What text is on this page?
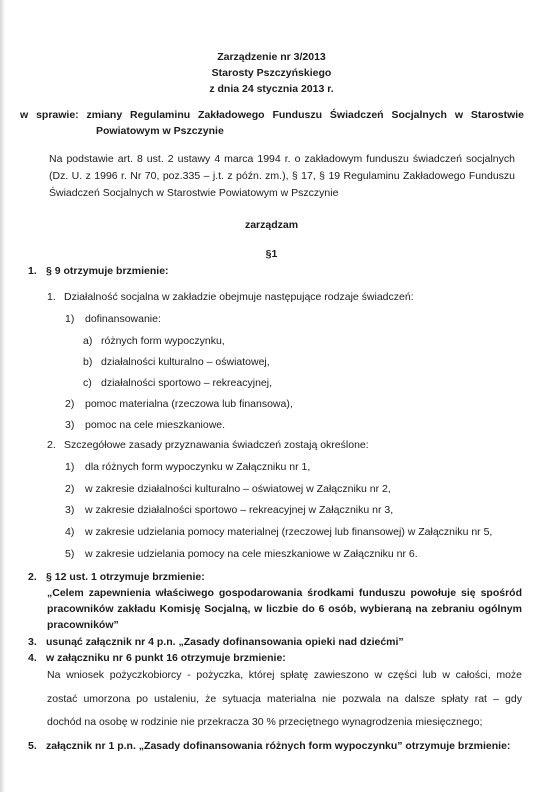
Zarządzenie nr 3/2013
Starosty Pszczyńskiego
z dnia 24 stycznia 2013 r.
w sprawie: zmiany Regulaminu Zakładowego Funduszu Świadczeń Socjalnych w Starostwie
Powiatowym w Pszczynie
Na podstawie art. 8 ust. 2 ustawy 4 marca 1994 r. o zakładowym funduszu świadczeń socjalnych
(Dz. U. z 1996 r. Nr 70, poz.335 – j.t. z późn. zm.), § 17, § 19 Regulaminu Zakładowego Funduszu
Świadczeń Socjalnych w Starostwie Powiatowym w Pszczynie
zarządzam
§1
1. § 9 otrzymuje brzmienie:
1. Działalność socjalna w zakładzie obejmuje następujące rodzaje świadczeń:
1) dofinansowanie:
a) różnych form wypoczynku,
b) działalności kulturalno – oświatowej,
c) działalności sportowo – rekreacyjnej,
2) pomoc materialna (rzeczowa lub finansowa),
3) pomoc na cele mieszkaniowe.
2. Szczegółowe zasady przyznawania świadczeń zostają określone:
1) dla różnych form wypoczynku w Załączniku nr 1,
2) w zakresie działalności kulturalno – oświatowej w Załączniku nr 2,
3) w zakresie działalności sportowo – rekreacyjnej w Załączniku nr 3,
4) w zakresie udzielania pomocy materialnej (rzeczowej lub finansowej) w Załączniku nr 5,
5) w zakresie udzielania pomocy na cele mieszkaniowe w Załączniku nr 6.
2. § 12 ust. 1 otrzymuje brzmienie:
„Celem zapewnienia właściwego gospodarowania środkami funduszu powołuje się spośród
pracowników zakładu Komisję Socjalną, w liczbie do 6 osób, wybieraną na zebraniu ogólnym
pracowników”
3. usunąć załącznik nr 4 p.n. „Zasady dofinansowania opieki nad dziećmi”
4. w załączniku nr 6 punkt 16 otrzymuje brzmienie:
Na wniosek pożyczkobiorcy - pożyczka, której spłatę zawieszono w części lub w całości, może
zostać umorzona po ustaleniu, że sytuacja materialna nie pozwala na dalsze spłaty rat – gdy
dochód na osobę w rodzinie nie przekracza 30 % przeciętnego wynagrodzenia miesięcznego;
5. załącznik nr 1 p.n. „Zasady dofinansowania różnych form wypoczynku” otrzymuje brzmienie:
